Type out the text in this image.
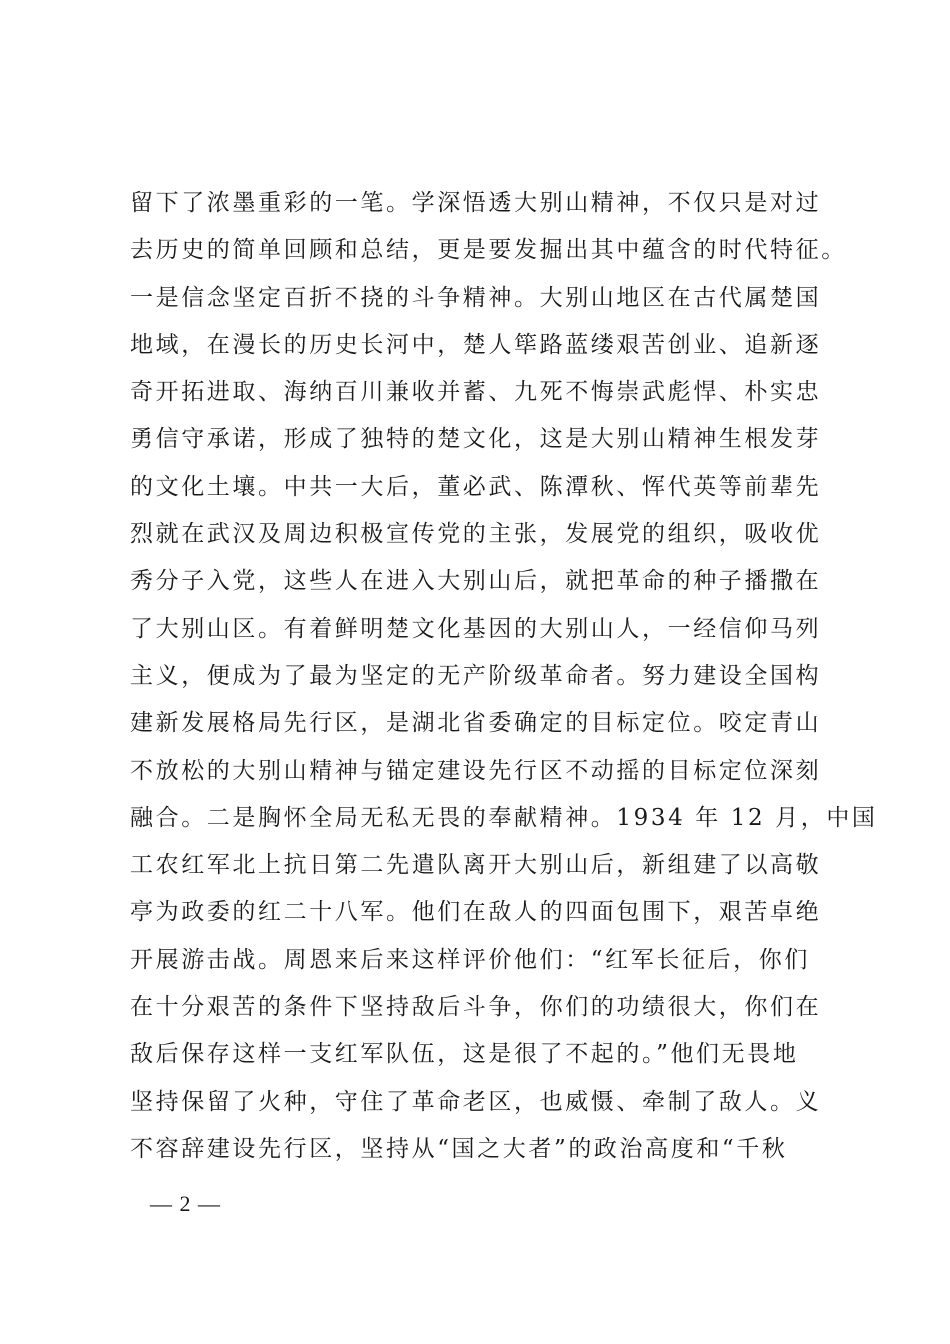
留下了浓墨重彩的一笔。学深悟透大别山精神，不仅只是对过
去历史的简单回顾和总结，更是要发掘出其中蕴含的时代特征。
一是信念坚定百折不挠的斗争精神。大别山地区在古代属楚国
地域，在漫长的历史长河中，楚人筚路蓝缕艰苦创业、追新逐
奇开拓进取、海纳百川兼收并蓄、九死不悔崇武彪悍、朴实忠
勇信守承诺，形成了独特的楚文化，这是大别山精神生根发芽
的文化土壤。中共一大后，董必武、陈潭秋、恽代英等前辈先
烈就在武汉及周边积极宣传党的主张，发展党的组织，吸收优
秀分子入党，这些人在进入大别山后，就把革命的种子播撒在
了大别山区。有着鲜明楚文化基因的大别山人，一经信仰马列
主义，便成为了最为坚定的无产阶级革命者。努力建设全国构
建新发展格局先行区，是湖北省委确定的目标定位。咬定青山
不放松的大别山精神与锚定建设先行区不动摇的目标定位深刻
融合。二是胸怀全局无私无畏的奉献精神。1934 年 12 月，中国
工农红军北上抗日第二先遣队离开大别山后，新组建了以高敬
亭为政委的红二十八军。他们在敌人的四面包围下，艰苦卓绝
开展游击战。周恩来后来这样评价他们：“红军长征后，你们
在十分艰苦的条件下坚持敌后斗争，你们的功绩很大，你们在
敌后保存这样一支红军队伍，这是很了不起的。”他们无畏地
坚持保留了火种，守住了革命老区，也威慑、牵制了敌人。义
不容辞建设先行区，坚持从“国之大者”的政治高度和“千秋
— 2 —
